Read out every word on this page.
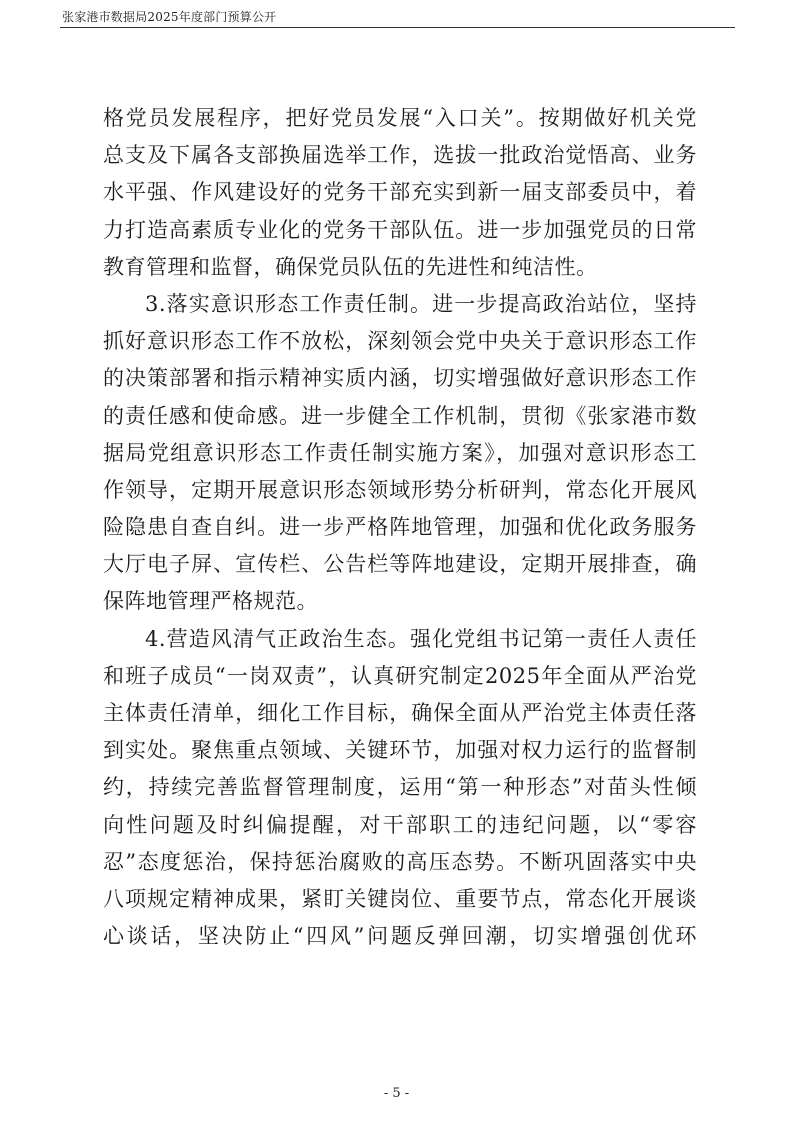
张家港市数据局2025年度部门预算公开
格党员发展程序，把好党员发展“入口关”。按期做好机关党
总支及下属各支部换届选举工作，选拔一批政治觉悟高、业务
水平强、作风建设好的党务干部充实到新一届支部委员中，着
力打造高素质专业化的党务干部队伍。进一步加强党员的日常
教育管理和监督，确保党员队伍的先进性和纯洁性。
3.落实意识形态工作责任制。进一步提高政治站位，坚持
抓好意识形态工作不放松，深刻领会党中央关于意识形态工作
的决策部署和指示精神实质内涵，切实增强做好意识形态工作
的责任感和使命感。进一步健全工作机制，贯彻《张家港市数
据局党组意识形态工作责任制实施方案》，加强对意识形态工
作领导，定期开展意识形态领域形势分析研判，常态化开展风
险隐患自查自纠。进一步严格阵地管理，加强和优化政务服务
大厅电子屏、宣传栏、公告栏等阵地建设，定期开展排查，确
保阵地管理严格规范。
4.营造风清气正政治生态。强化党组书记第一责任人责任
和班子成员“一岗双责”，认真研究制定2025年全面从严治党
主体责任清单，细化工作目标，确保全面从严治党主体责任落
到实处。聚焦重点领域、关键环节，加强对权力运行的监督制
约，持续完善监督管理制度，运用“第一种形态”对苗头性倾
向性问题及时纠偏提醒，对干部职工的违纪问题，以“零容
忍”态度惩治，保持惩治腐败的高压态势。不断巩固落实中央
八项规定精神成果，紧盯关键岗位、重要节点，常态化开展谈
心谈话，坚决防止“四风”问题反弹回潮，切实增强创优环
- 5 -
